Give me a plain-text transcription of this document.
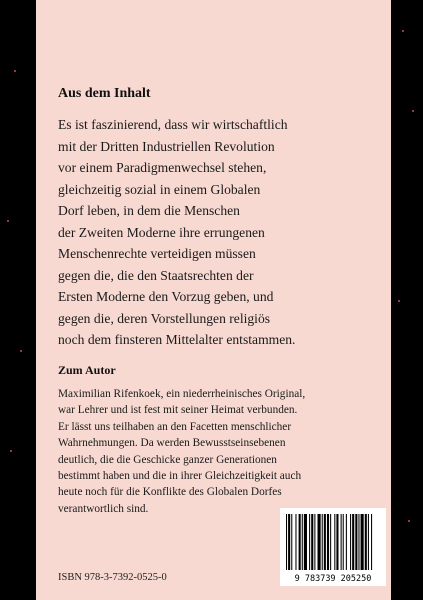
Aus dem Inhalt

Es ist faszinierend, dass wir wirtschaftlich
mit der Dritten Industriellen Revolution
vor einem Paradigmenwechsel stehen,
gleichzeitig sozial in einem Globalen
Dorf leben, in dem die Menschen
der Zweiten Moderne ihre errungenen
Menschenrechte verteidigen müssen
gegen die, die den Staatsrechten der
Ersten Moderne den Vorzug geben, und
gegen die, deren Vorstellungen religiös
noch dem finsteren Mittelalter entstammen.

Zum Autor

Maximilian Rifenkoek, ein niederrheinisches Original,
war Lehrer und ist fest mit seiner Heimat verbunden.
Er lässt uns teilhaben an den Facetten menschlicher
Wahrnehmungen. Da werden Bewusstseinsebenen
deutlich, die die Geschicke ganzer Generationen
bestimmt haben und die in ihrer Gleichzeitigkeit auch
heute noch für die Konflikte des Globalen Dorfes
verantwortlich sind.

ISBN 978-3-7392-0525-0	9 783739 205250
